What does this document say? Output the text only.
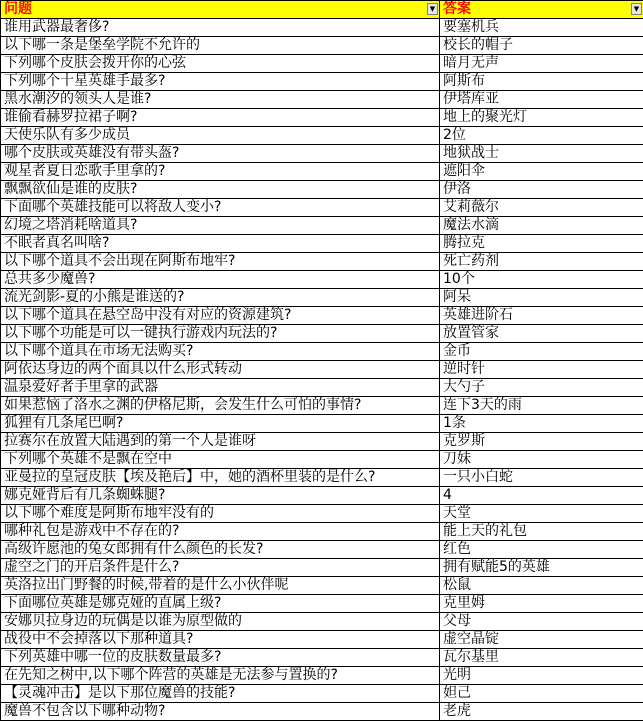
问题 ▼	答案 ▼

谁用武器最奢侈?	要塞机兵
以下哪一条是堡垒学院不允许的	校长的帽子
下列哪个皮肤会拨开你的心弦	暗月无声
下列哪个十星英雄手最多?	阿斯布
黑水潮汐的领头人是谁?	伊塔库亚
谁偷看赫罗拉裙子啊?	地上的聚光灯
天使乐队有多少成员	2位
哪个皮肤或英雄没有带头盔?	地狱战士
观星者夏日恋歌手里拿的?	遮阳伞
飘飘欲仙是谁的皮肤?	伊洛
下面哪个英雄技能可以将敌人变小?	艾莉薇尔
幻境之塔消耗啥道具?	魔法水滴
不眠者真名叫啥?	腾拉克
以下哪个道具不会出现在阿斯布地牢?	死亡药剂
总共多少魔兽?	10个
流光剑影-夏的小熊是谁送的?	阿呆
以下哪个道具在悬空岛中没有对应的资源建筑?	英雄进阶石
以下哪个功能是可以一键执行游戏内玩法的?	放置管家
以下哪个道具在市场无法购买?	金币
阿依达身边的两个面具以什么形式转动	逆时针
温泉爱好者手里拿的武器	大勺子
如果惹恼了洛水之渊的伊格尼斯，会发生什么可怕的事情?	连下3天的雨
狐狸有几条尾巴啊?	1条
拉赛尔在放置大陆遇到的第一个人是谁呀	克罗斯
下列哪个英雄不是飘在空中	刀妹
亚曼拉的皇冠皮肤【埃及艳后】中，她的酒杯里装的是什么?	一只小白蛇
娜克娅背后有几条蜘蛛腿?	4
以下哪个难度是阿斯布地牢没有的	天堂
哪种礼包是游戏中不存在的?	能上天的礼包
高级许愿池的兔女郎拥有什么颜色的长发?	红色
虚空之门的开启条件是什么?	拥有赋能5的英雄
英洛拉出门野餐的时候,带着的是什么小伙伴呢	松鼠
下面哪位英雄是娜克娅的直属上级?	克里姆
安娜贝拉身边的玩偶是以谁为原型做的	父母
战役中不会掉落以下那种道具?	虚空晶锭
下列英雄中哪一位的皮肤数量最多?	瓦尔基里
在先知之树中,以下哪个阵营的英雄是无法参与置换的?	光明
【灵魂冲击】是以下那位魔兽的技能?	妲己
魔兽不包含以下哪种动物?	老虎
